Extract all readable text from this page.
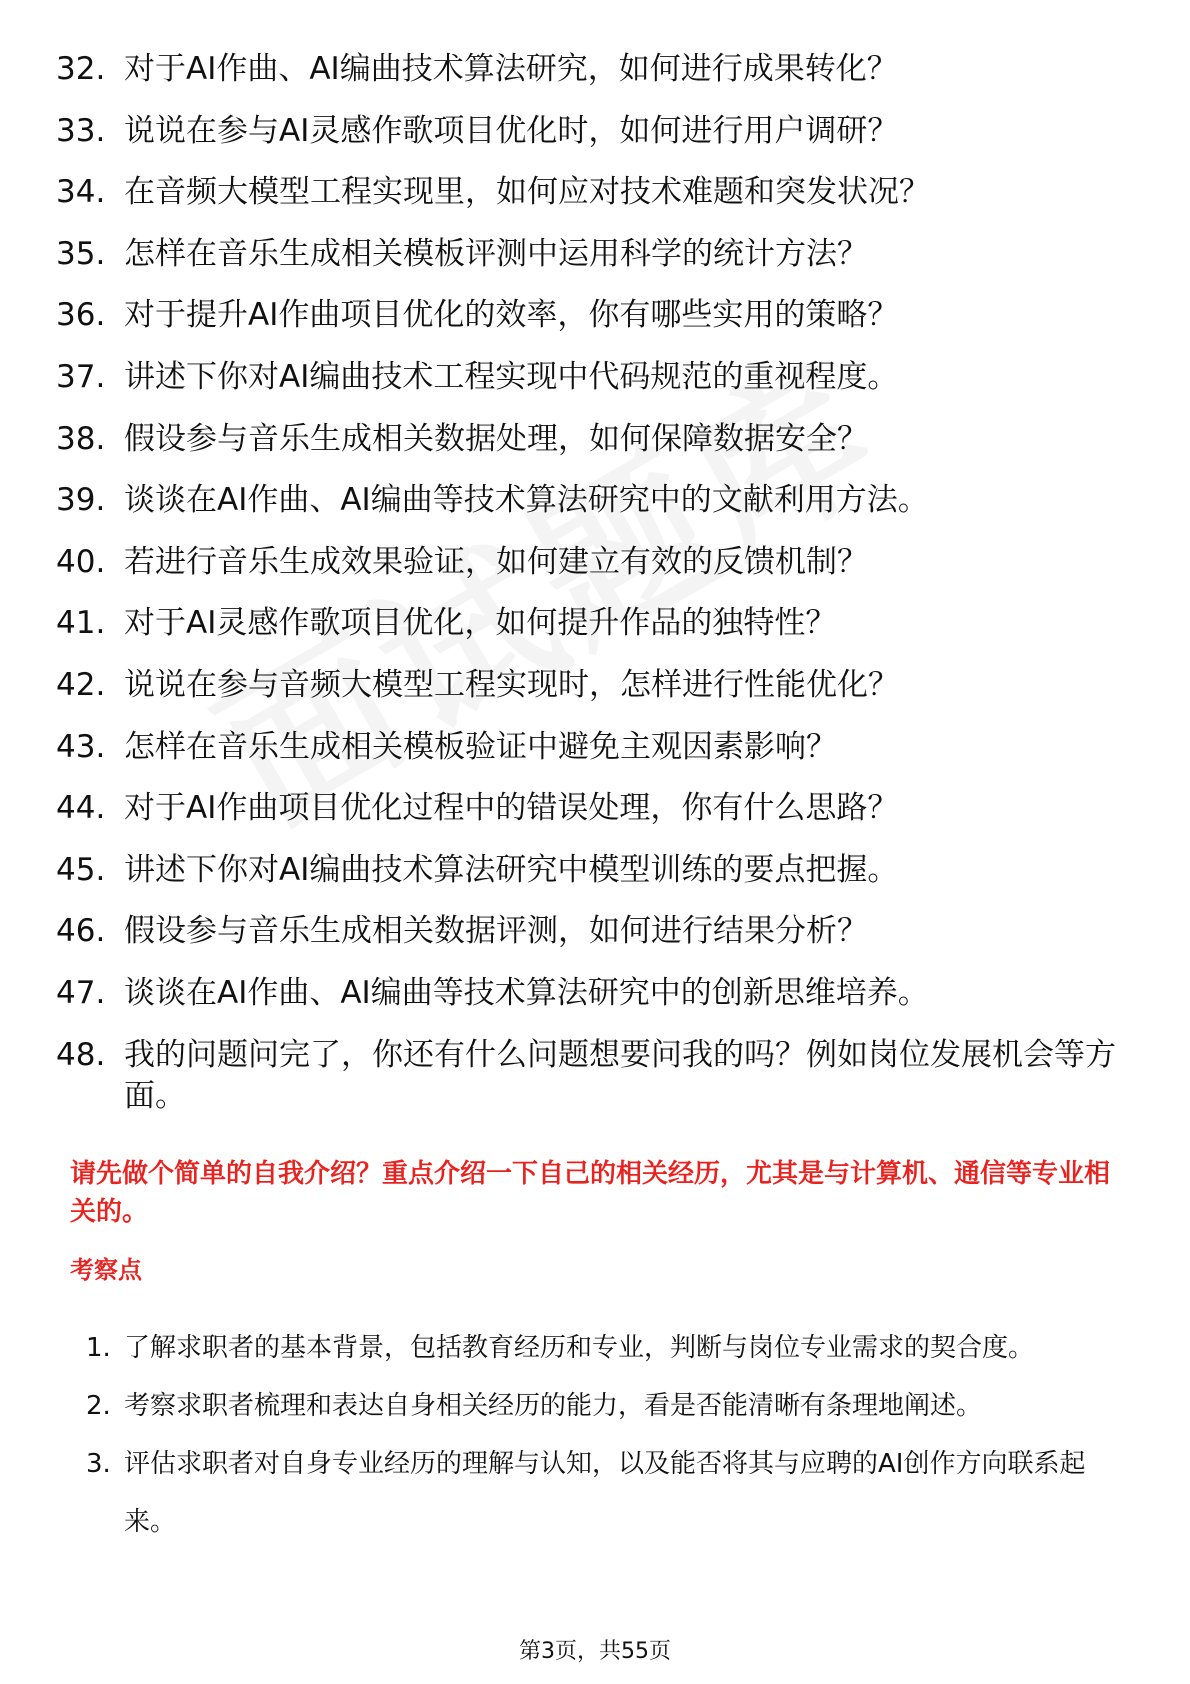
32. 对于AI作曲、AI编曲技术算法研究，如何进行成果转化？
33. 说说在参与AI灵感作歌项目优化时，如何进行用户调研？
34. 在音频大模型工程实现里，如何应对技术难题和突发状况？
35. 怎样在音乐生成相关模板评测中运用科学的统计方法？
36. 对于提升AI作曲项目优化的效率，你有哪些实用的策略？
37. 讲述下你对AI编曲技术工程实现中代码规范的重视程度。
38. 假设参与音乐生成相关数据处理，如何保障数据安全？
39. 谈谈在AI作曲、AI编曲等技术算法研究中的文献利用方法。
40. 若进行音乐生成效果验证，如何建立有效的反馈机制？
41. 对于AI灵感作歌项目优化，如何提升作品的独特性？
42. 说说在参与音频大模型工程实现时，怎样进行性能优化？
43. 怎样在音乐生成相关模板验证中避免主观因素影响？
44. 对于AI作曲项目优化过程中的错误处理，你有什么思路？
45. 讲述下你对AI编曲技术算法研究中模型训练的要点把握。
46. 假设参与音乐生成相关数据评测，如何进行结果分析？
47. 谈谈在AI作曲、AI编曲等技术算法研究中的创新思维培养。
48. 我的问题问完了，你还有什么问题想要问我的吗？例如岗位发展机会等方面。

请先做个简单的自我介绍？重点介绍一下自己的相关经历，尤其是与计算机、通信等专业相关的。

考察点
1. 了解求职者的基本背景，包括教育经历和专业，判断与岗位专业需求的契合度。
2. 考察求职者梳理和表达自身相关经历的能力，看是否能清晰有条理地阐述。
3. 评估求职者对自身专业经历的理解与认知，以及能否将其与应聘的AI创作方向联系起来。
第3页，共55页
